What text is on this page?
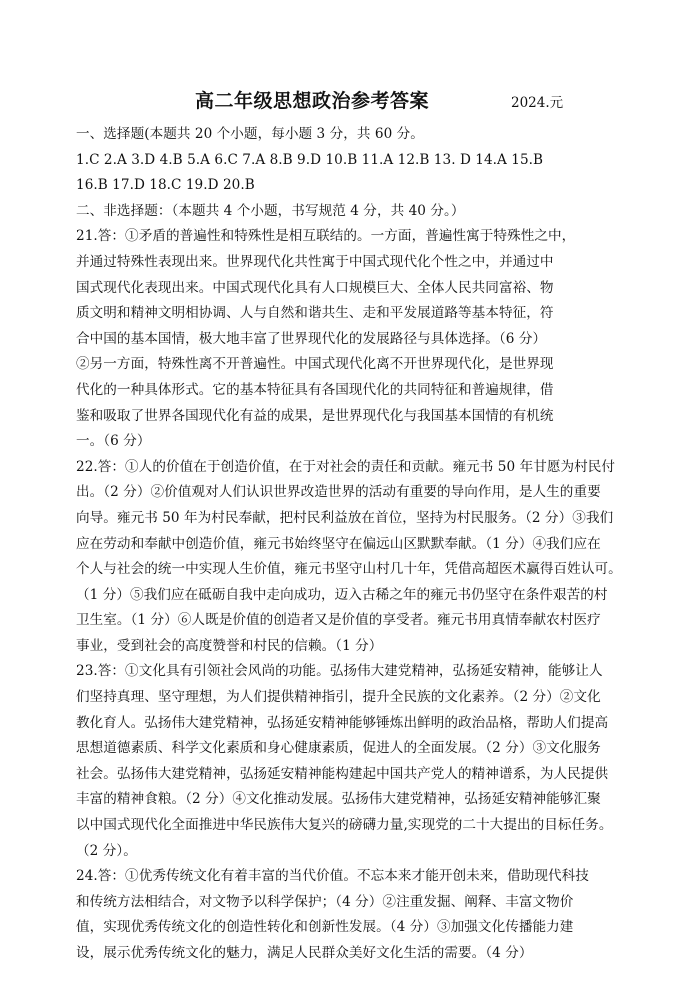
高二年级思想政治参考答案	2024.元
一、选择题(本题共 20 个小题，每小题 3 分，共 60 分。
1.C 2.A 3.D 4.B 5.A 6.C 7.A 8.B 9.D 10.B 11.A 12.B 13. D 14.A 15.B
16.B 17.D 18.C 19.D 20.B
二、非选择题：（本题共 4 个小题，书写规范 4 分，共 40 分。）
21.答：①矛盾的普遍性和特殊性是相互联结的。一方面，普遍性寓于特殊性之中，
并通过特殊性表现出来。世界现代化共性寓于中国式现代化个性之中，并通过中
国式现代化表现出来。中国式现代化具有人口规模巨大、全体人民共同富裕、物
质文明和精神文明相协调、人与自然和谐共生、走和平发展道路等基本特征，符
合中国的基本国情，极大地丰富了世界现代化的发展路径与具体选择。（6 分）
②另一方面，特殊性离不开普遍性。中国式现代化离不开世界现代化，是世界现
代化的一种具体形式。它的基本特征具有各国现代化的共同特征和普遍规律，借
鉴和吸取了世界各国现代化有益的成果，是世界现代化与我国基本国情的有机统
一。（6 分）
22.答：①人的价值在于创造价值，在于对社会的责任和贡献。雍元书 50 年甘愿为村民付
出。（2 分）②价值观对人们认识世界改造世界的活动有重要的导向作用，是人生的重要
向导。雍元书 50 年为村民奉献，把村民利益放在首位，坚持为村民服务。（2 分）③我们
应在劳动和奉献中创造价值，雍元书始终坚守在偏远山区默默奉献。（1 分）④我们应在
个人与社会的统一中实现人生价值，雍元书坚守山村几十年，凭借高超医术赢得百姓认可。
（1 分）⑤我们应在砥砺自我中走向成功，迈入古稀之年的雍元书仍坚守在条件艰苦的村
卫生室。（1 分）⑥人既是价值的创造者又是价值的享受者。雍元书用真情奉献农村医疗
事业，受到社会的高度赞誉和村民的信赖。（1 分）
23.答：①文化具有引领社会风尚的功能。弘扬伟大建党精神，弘扬延安精神，能够让人
们坚持真理、坚守理想，为人们提供精神指引，提升全民族的文化素养。（2 分）②文化
教化育人。弘扬伟大建党精神，弘扬延安精神能够锤炼出鲜明的政治品格，帮助人们提高
思想道德素质、科学文化素质和身心健康素质，促进人的全面发展。（2 分）③文化服务
社会。弘扬伟大建党精神，弘扬延安精神能构建起中国共产党人的精神谱系，为人民提供
丰富的精神食粮。（2 分）④文化推动发展。弘扬伟大建党精神，弘扬延安精神能够汇聚
以中国式现代化全面推进中华民族伟大复兴的磅礴力量,实现党的二十大提出的目标任务。
（2 分）。
24.答：①优秀传统文化有着丰富的当代价值。不忘本来才能开创未来，借助现代科技
和传统方法相结合，对文物予以科学保护；（4 分）②注重发掘、阐释、丰富文物价
值，实现优秀传统文化的创造性转化和创新性发展。（4 分）③加强文化传播能力建
设，展示优秀传统文化的魅力，满足人民群众美好文化生活的需要。（4 分）
